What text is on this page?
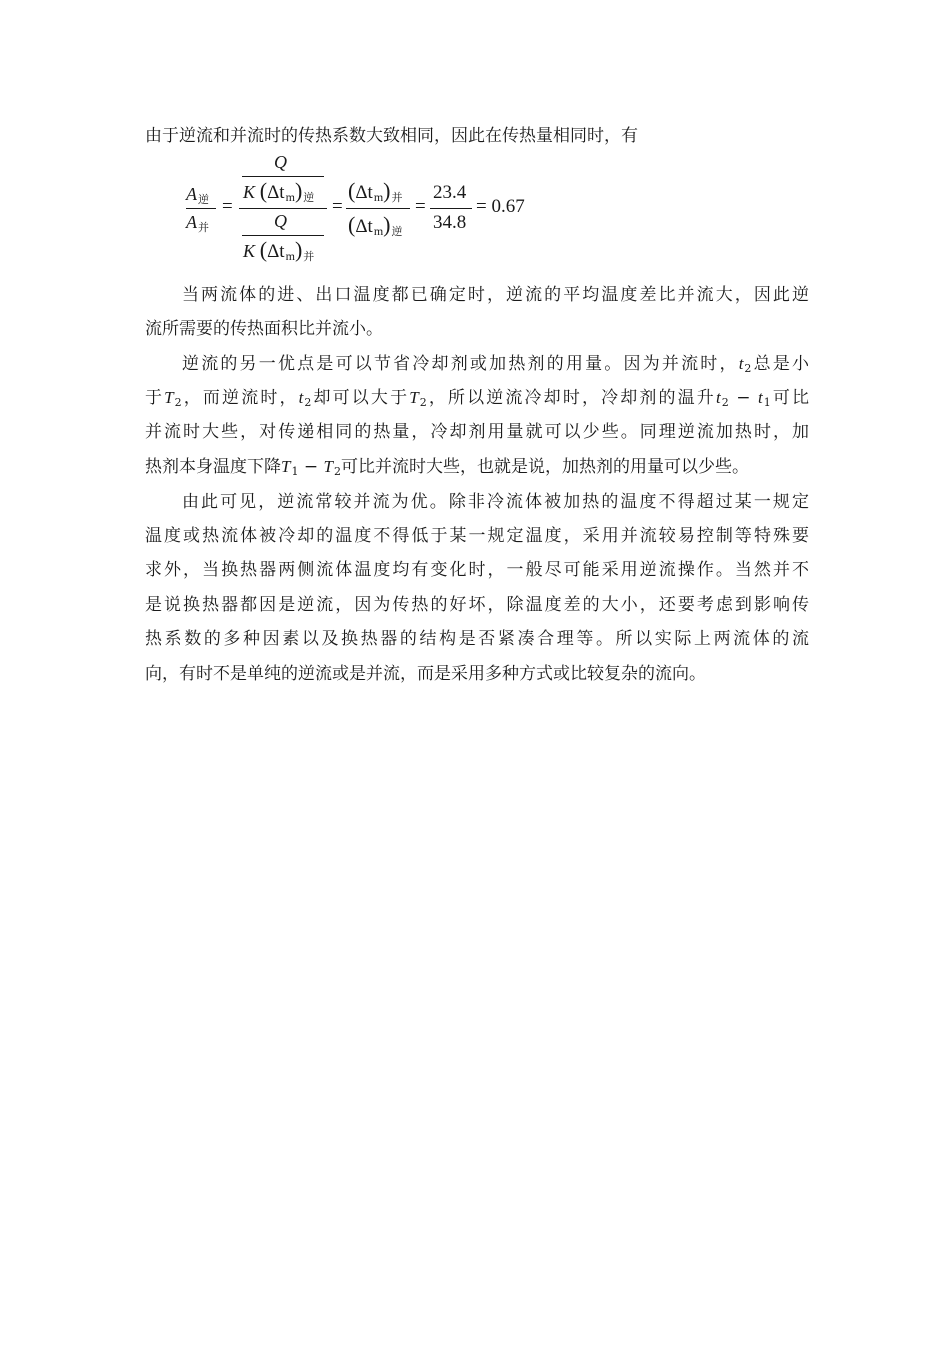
由于逆流和并流时的传热系数大致相同，因此在传热量相同时，有
$A_逆$
$A_并$
=
Q
K $(\Delta t_m)_逆$
Q
K $(\Delta t_m)_并$
=
$(\Delta t_m)_并$
$(\Delta t_m)_逆$
=
23.4
34.8
= 0.67
当两流体的进、出口温度都已确定时，逆流的平均温度差比并流大，因此逆
流所需要的传热面积比并流小。
逆流的另一优点是可以节省冷却剂或加热剂的用量。因为并流时，$t_2$总是小
于$T_2$，而逆流时，$t_2$却可以大于$T_2$，所以逆流冷却时，冷却剂的温升$t_2 - t_1$可比
并流时大些，对传递相同的热量，冷却剂用量就可以少些。同理逆流加热时，加
热剂本身温度下降$T_1 - T_2$可比并流时大些，也就是说，加热剂的用量可以少些。
由此可见，逆流常较并流为优。除非冷流体被加热的温度不得超过某一规定
温度或热流体被冷却的温度不得低于某一规定温度，采用并流较易控制等特殊要
求外，当换热器两侧流体温度均有变化时，一般尽可能采用逆流操作。当然并不
是说换热器都因是逆流，因为传热的好坏，除温度差的大小，还要考虑到影响传
热系数的多种因素以及换热器的结构是否紧凑合理等。所以实际上两流体的流
向，有时不是单纯的逆流或是并流，而是采用多种方式或比较复杂的流向。
